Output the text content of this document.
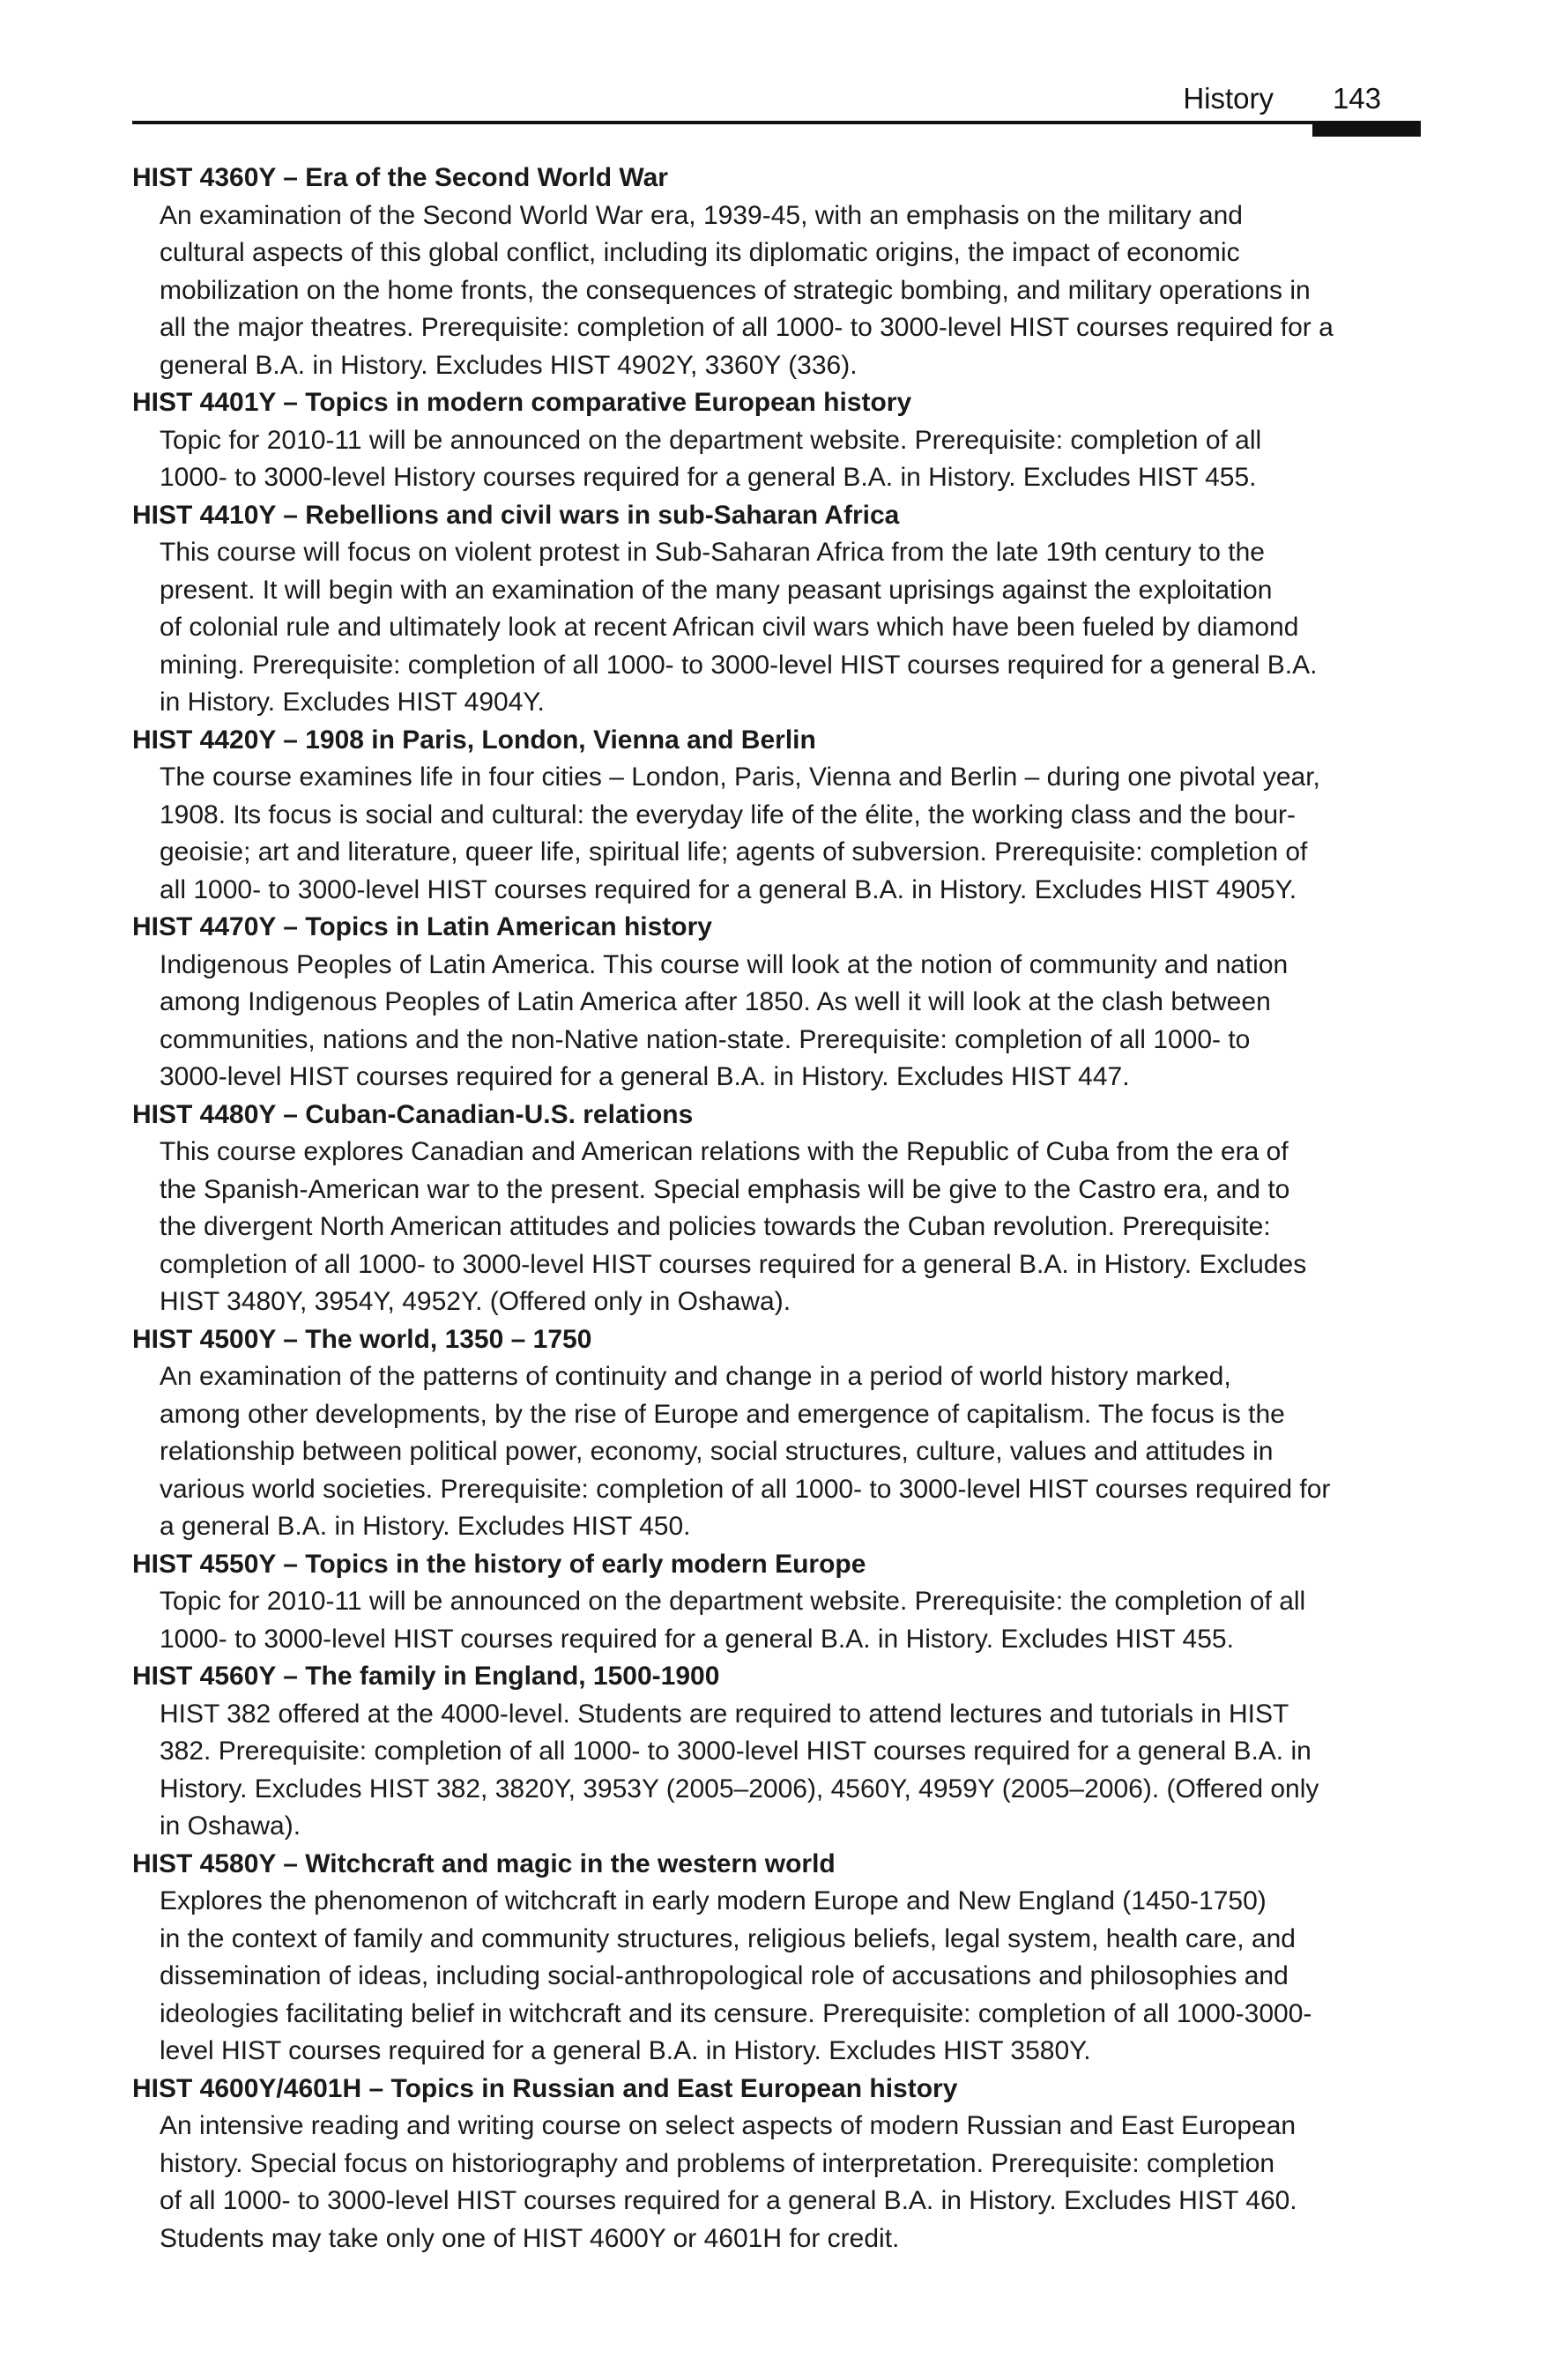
History 143

HIST 4360Y – Era of the Second World War

An examination of the Second World War era, 1939-45, with an emphasis on the military and
cultural aspects of this global conflict, including its diplomatic origins, the impact of economic
mobilization on the home fronts, the consequences of strategic bombing, and military operations in
all the major theatres. Prerequisite: completion of all 1000- to 3000-level HIST courses required for a
general B.A. in History. Excludes HIST 4902Y, 3360Y (336).

HIST 4401Y – Topics in modern comparative European history

Topic for 2010-11 will be announced on the department website. Prerequisite: completion of all
1000- to 3000-level History courses required for a general B.A. in History. Excludes HIST 455.

HIST 4410Y – Rebellions and civil wars in sub-Saharan Africa

This course will focus on violent protest in Sub-Saharan Africa from the late 19th century to the
present. It will begin with an examination of the many peasant uprisings against the exploitation
of colonial rule and ultimately look at recent African civil wars which have been fueled by diamond
mining. Prerequisite: completion of all 1000- to 3000-level HIST courses required for a general B.A.
in History. Excludes HIST 4904Y.

HIST 4420Y – 1908 in Paris, London, Vienna and Berlin

The course examines life in four cities – London, Paris, Vienna and Berlin – during one pivotal year,
1908. Its focus is social and cultural: the everyday life of the élite, the working class and the bour-
geoisie; art and literature, queer life, spiritual life; agents of subversion. Prerequisite: completion of
all 1000- to 3000-level HIST courses required for a general B.A. in History. Excludes HIST 4905Y.

HIST 4470Y – Topics in Latin American history

Indigenous Peoples of Latin America. This course will look at the notion of community and nation
among Indigenous Peoples of Latin America after 1850. As well it will look at the clash between
communities, nations and the non-Native nation-state. Prerequisite: completion of all 1000- to
3000-level HIST courses required for a general B.A. in History. Excludes HIST 447.

HIST 4480Y – Cuban-Canadian-U.S. relations

This course explores Canadian and American relations with the Republic of Cuba from the era of
the Spanish-American war to the present. Special emphasis will be give to the Castro era, and to
the divergent North American attitudes and policies towards the Cuban revolution. Prerequisite:
completion of all 1000- to 3000-level HIST courses required for a general B.A. in History. Excludes
HIST 3480Y, 3954Y, 4952Y. (Offered only in Oshawa).

HIST 4500Y – The world, 1350 – 1750

An examination of the patterns of continuity and change in a period of world history marked,
among other developments, by the rise of Europe and emergence of capitalism. The focus is the
relationship between political power, economy, social structures, culture, values and attitudes in
various world societies. Prerequisite: completion of all 1000- to 3000-level HIST courses required for
a general B.A. in History. Excludes HIST 450.

HIST 4550Y – Topics in the history of early modern Europe

Topic for 2010-11 will be announced on the department website. Prerequisite: the completion of all
1000- to 3000-level HIST courses required for a general B.A. in History. Excludes HIST 455.

HIST 4560Y – The family in England, 1500-1900

HIST 382 offered at the 4000-level. Students are required to attend lectures and tutorials in HIST
382. Prerequisite: completion of all 1000- to 3000-level HIST courses required for a general B.A. in
History. Excludes HIST 382, 3820Y, 3953Y (2005–2006), 4560Y, 4959Y (2005–2006). (Offered only
in Oshawa).

HIST 4580Y – Witchcraft and magic in the western world

Explores the phenomenon of witchcraft in early modern Europe and New England (1450-1750)
in the context of family and community structures, religious beliefs, legal system, health care, and
dissemination of ideas, including social-anthropological role of accusations and philosophies and
ideologies facilitating belief in witchcraft and its censure. Prerequisite: completion of all 1000-3000-
level HIST courses required for a general B.A. in History. Excludes HIST 3580Y.

HIST 4600Y/4601H – Topics in Russian and East European history

An intensive reading and writing course on select aspects of modern Russian and East European
history. Special focus on historiography and problems of interpretation. Prerequisite: completion
of all 1000- to 3000-level HIST courses required for a general B.A. in History. Excludes HIST 460.
Students may take only one of HIST 4600Y or 4601H for credit.
